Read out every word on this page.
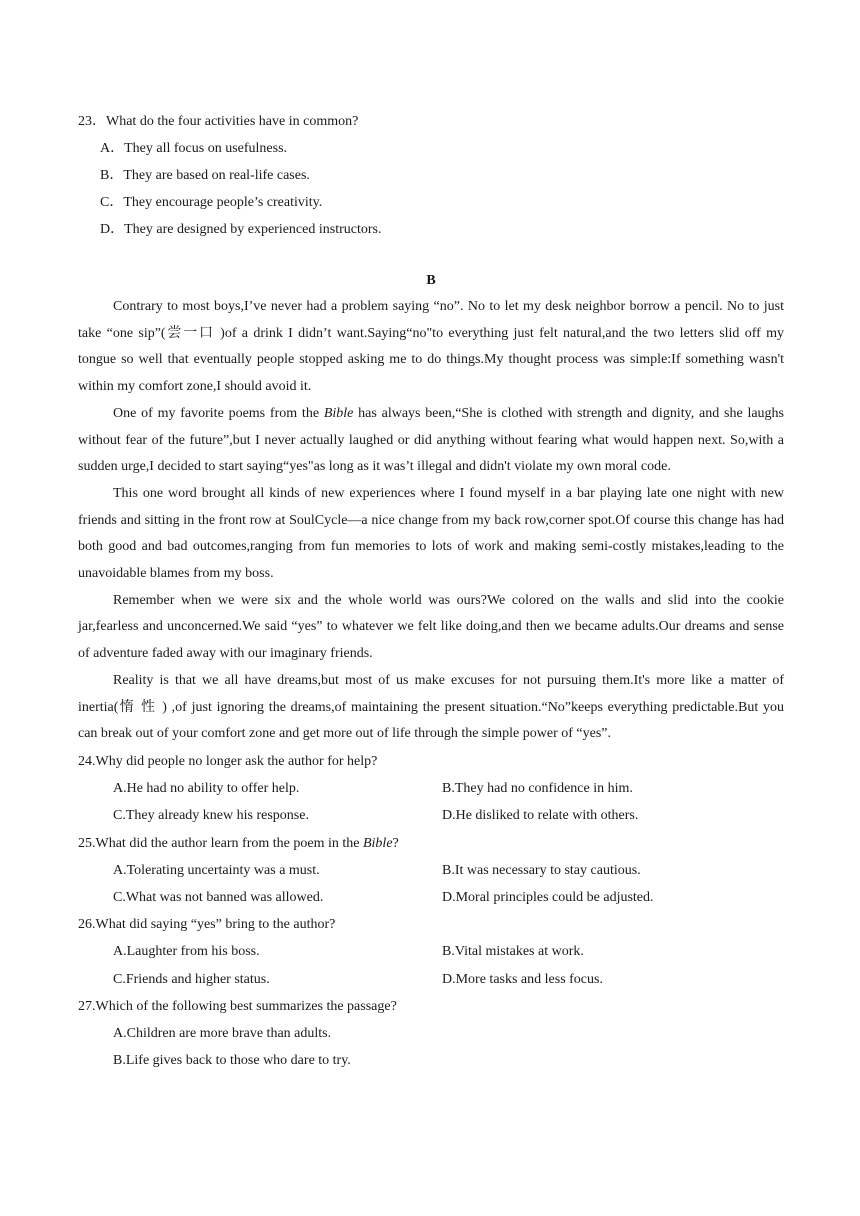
23．What do the four activities have in common?
A．They all focus on usefulness.
B．They are based on real-life cases.
C．They encourage people’s creativity.
D．They are designed by experienced instructors.
B

Contrary to most boys,I’ve never had a problem saying “no”. No to let my desk neighbor borrow a pencil. No to just take “one sip”(尝一口 )of a drink I didn’t want.Saying“no"to everything just felt natural,and the two letters slid off my tongue so well that eventually people stopped asking me to do things.My thought process was simple:If something wasn't within my comfort zone,I should avoid it.

One of my favorite poems from the Bible has always been,“She is clothed with strength and dignity, and she laughs without fear of the future”,but I never actually laughed or did anything without fearing what would happen next. So,with a sudden urge,I decided to start saying“yes"as long as it was’t illegal and didn't violate my own moral code.

This one word brought all kinds of new experiences where I found myself in a bar playing late one night with new friends and sitting in the front row at SoulCycle—a nice change from my back row,corner spot.Of course this change has had both good and bad outcomes,ranging from fun memories to lots of work and making semi-costly mistakes,leading to the unavoidable blames from my boss.

Remember when we were six and the whole world was ours?We colored on the walls and slid into the cookie jar,fearless and unconcerned.We said “yes” to whatever we felt like doing,and then we became adults.Our dreams and sense of adventure faded away with our imaginary friends.

Reality is that we all have dreams,but most of us make excuses for not pursuing them.It's more like a matter of inertia(惰性) ,of just ignoring the dreams,of maintaining the present situation.“No”keeps everything predictable.But you can break out of your comfort zone and get more out of life through the simple power of “yes”.

24.Why did people no longer ask the author for help?
A.He had no ability to offer help.	B.They had no confidence in him.
C.They already knew his response.	D.He disliked to relate with others.
25.What did the author learn from the poem in the Bible?
A.Tolerating uncertainty was a must.	B.It was necessary to stay cautious.
C.What was not banned was allowed.	D.Moral principles could be adjusted.
26.What did saying “yes” bring to the author?
A.Laughter from his boss.	B.Vital mistakes at work.
C.Friends and higher status.	D.More tasks and less focus.
27.Which of the following best summarizes the passage?
A.Children are more brave than adults.
B.Life gives back to those who dare to try.
